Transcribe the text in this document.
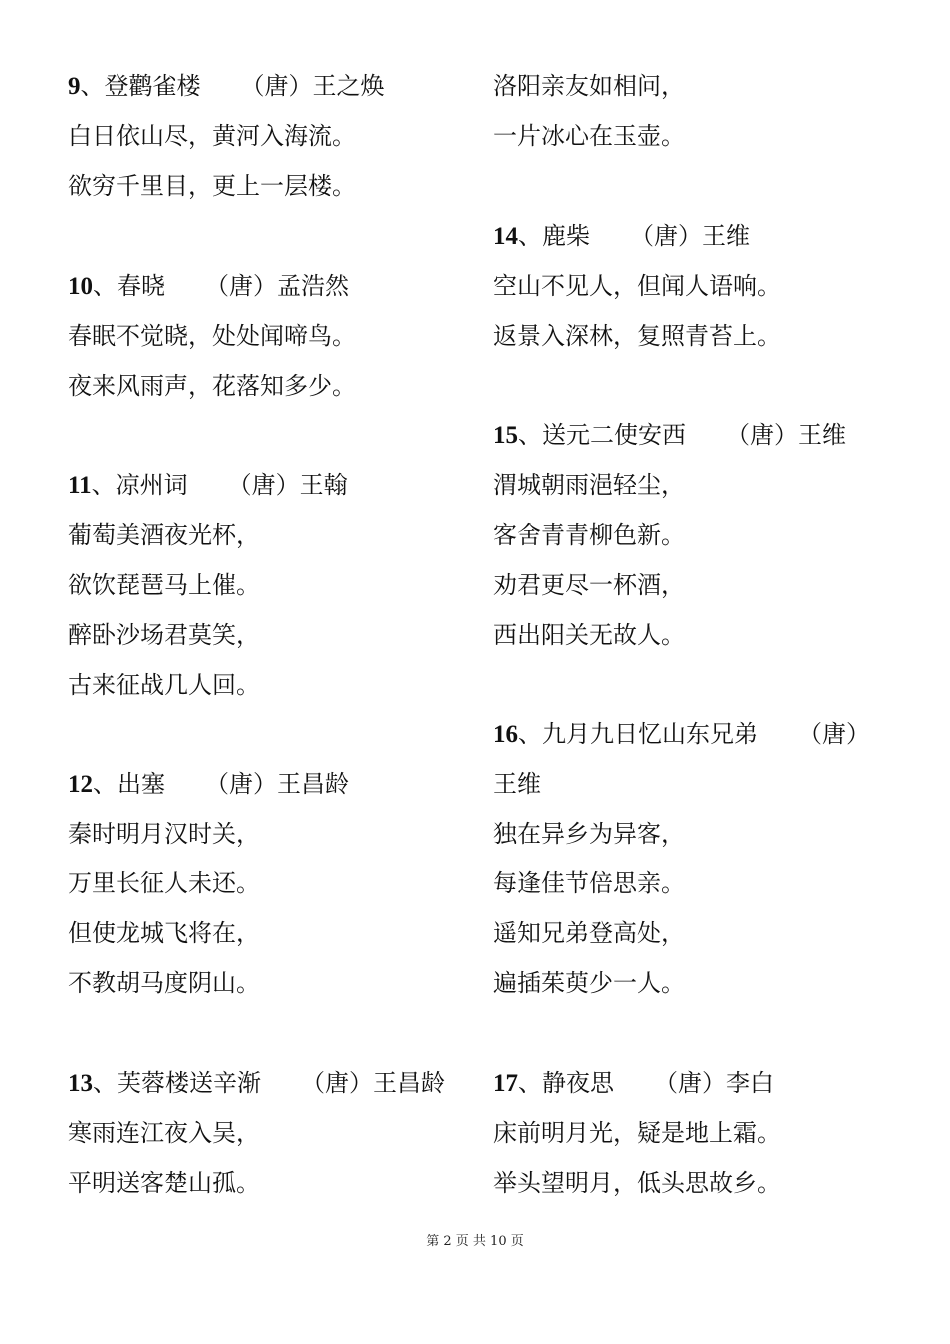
9、登鹳雀楼 （唐）王之焕
白日依山尽，黄河入海流。
欲穷千里目，更上一层楼。
10、春晓 （唐）孟浩然
春眠不觉晓，处处闻啼鸟。
夜来风雨声，花落知多少。
11、凉州词 （唐）王翰
葡萄美酒夜光杯，
欲饮琵琶马上催。
醉卧沙场君莫笑，
古来征战几人回。
12、出塞 （唐）王昌龄
秦时明月汉时关，
万里长征人未还。
但使龙城飞将在，
不教胡马度阴山。
13、芙蓉楼送辛渐 （唐）王昌龄
寒雨连江夜入吴，
平明送客楚山孤。
洛阳亲友如相问，
一片冰心在玉壶。
14、鹿柴 （唐）王维
空山不见人，但闻人语响。
返景入深林，复照青苔上。
15、送元二使安西 （唐）王维
渭城朝雨浥轻尘，
客舍青青柳色新。
劝君更尽一杯酒，
西出阳关无故人。
16、九月九日忆山东兄弟 （唐）
王维
独在异乡为异客，
每逢佳节倍思亲。
遥知兄弟登高处，
遍插茱萸少一人。
17、静夜思 （唐）李白
床前明月光，疑是地上霜。
举头望明月，低头思故乡。
第 2 页 共 10 页
